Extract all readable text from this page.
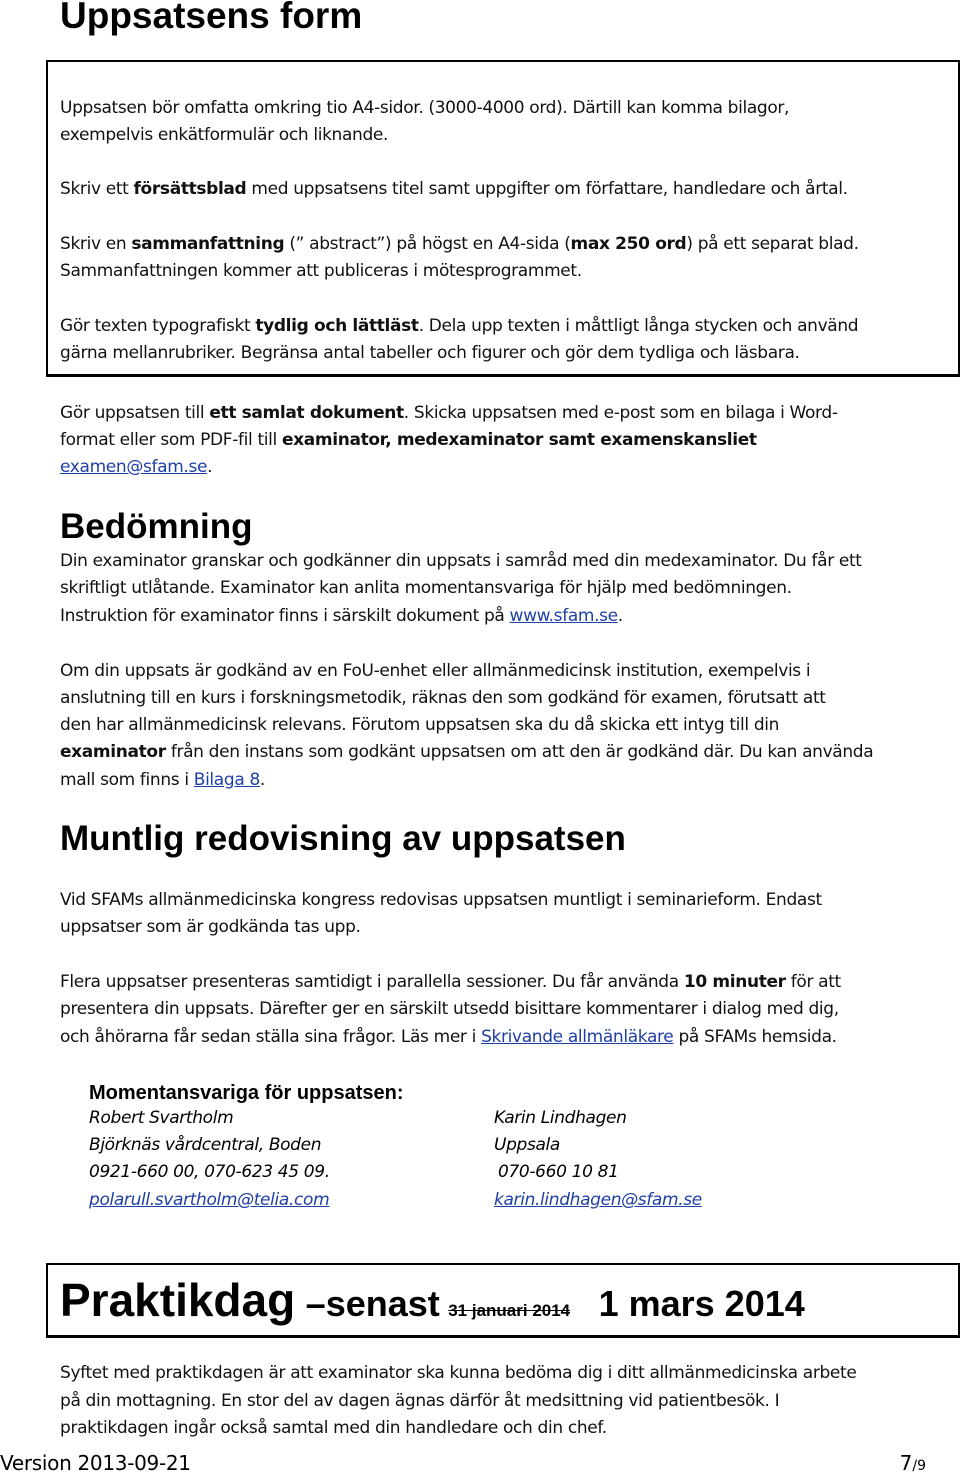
Uppsatsens form
Uppsatsen bör omfatta omkring tio A4-sidor. (3000-4000 ord). Därtill kan komma bilagor,
exempelvis enkätformulär och liknande.
Skriv ett försättsblad med uppsatsens titel samt uppgifter om författare, handledare och årtal.
Skriv en sammanfattning (” abstract”) på högst en A4-sida (max 250 ord) på ett separat blad.
Sammanfattningen kommer att publiceras i mötesprogrammet.
Gör texten typografiskt tydlig och lättläst. Dela upp texten i måttligt långa stycken och använd
gärna mellanrubriker. Begränsa antal tabeller och figurer och gör dem tydliga och läsbara.
Gör uppsatsen till ett samlat dokument. Skicka uppsatsen med e-post som en bilaga i Word-
format eller som PDF-fil till examinator, medexaminator samt examenskansliet
examen@sfam.se.
Bedömning
Din examinator granskar och godkänner din uppsats i samråd med din medexaminator. Du får ett
skriftligt utlåtande. Examinator kan anlita momentansvariga för hjälp med bedömningen.
Instruktion för examinator finns i särskilt dokument på www.sfam.se.
Om din uppsats är godkänd av en FoU-enhet eller allmänmedicinsk institution, exempelvis i
anslutning till en kurs i forskningsmetodik, räknas den som godkänd för examen, förutsatt att
den har allmänmedicinsk relevans. Förutom uppsatsen ska du då skicka ett intyg till din
examinator från den instans som godkänt uppsatsen om att den är godkänd där. Du kan använda
mall som finns i Bilaga 8.
Muntlig redovisning av uppsatsen
Vid SFAMs allmänmedicinska kongress redovisas uppsatsen muntligt i seminarieform. Endast
uppsatser som är godkända tas upp.
Flera uppsatser presenteras samtidigt i parallella sessioner. Du får använda 10 minuter för att
presentera din uppsats. Därefter ger en särskilt utsedd bisittare kommentarer i dialog med dig,
och åhörarna får sedan ställa sina frågor. Läs mer i Skrivande allmänläkare på SFAMs hemsida.
Momentansvariga för uppsatsen:
Robert Svartholm
Björknäs vårdcentral, Boden
0921-660 00, 070-623 45 09.
polarull.svartholm@telia.com
Karin Lindhagen
Uppsala
070-660 10 81
karin.lindhagen@sfam.se
Praktikdag –senast 31 januari 2014 1 mars 2014
Syftet med praktikdagen är att examinator ska kunna bedöma dig i ditt allmänmedicinska arbete
på din mottagning. En stor del av dagen ägnas därför åt medsittning vid patientbesök. I
praktikdagen ingår också samtal med din handledare och din chef.
Version 2013-09-21	7/9
